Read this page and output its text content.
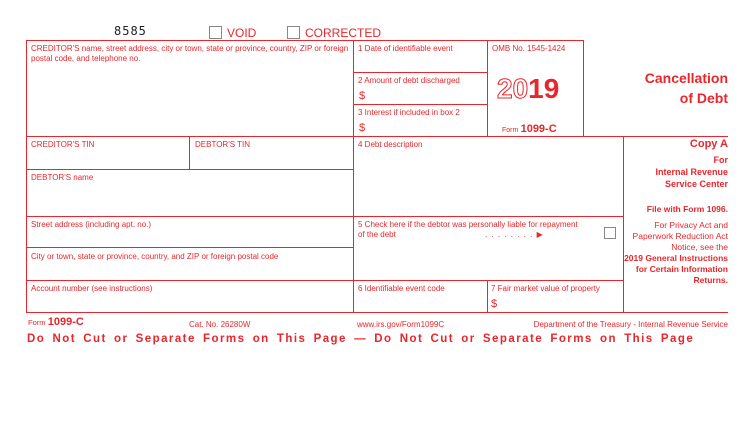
8585	VOID	CORRECTED
CREDITOR'S name, street address, city or town, state or province, country, ZIP or foreign postal code, and telephone no.
1 Date of identifiable event	OMB No. 1545-1424
2019
2 Amount of debt discharged
$
3 Interest if included in box 2
$	Form 1099-C
Cancellation
of Debt
CREDITOR'S TIN	DEBTOR'S TIN	4 Debt description	Copy A
For
Internal Revenue
Service Center
File with Form 1096.
For Privacy Act and Paperwork Reduction Act Notice, see the
2019 General Instructions for Certain Information Returns.
DEBTOR'S name
Street address (including apt. no.)	5 Check here if the debtor was personally liable for repayment of the debt	. . . . . . . . ▶
City or town, state or province, country, and ZIP or foreign postal code
Account number (see instructions)	6 Identifiable event code	7 Fair market value of property
$
Form 1099-C	Cat. No. 26280W	www.irs.gov/Form1099C	Department of the Treasury - Internal Revenue Service
Do Not Cut or Separate Forms on This Page — Do Not Cut or Separate Forms on This Page
